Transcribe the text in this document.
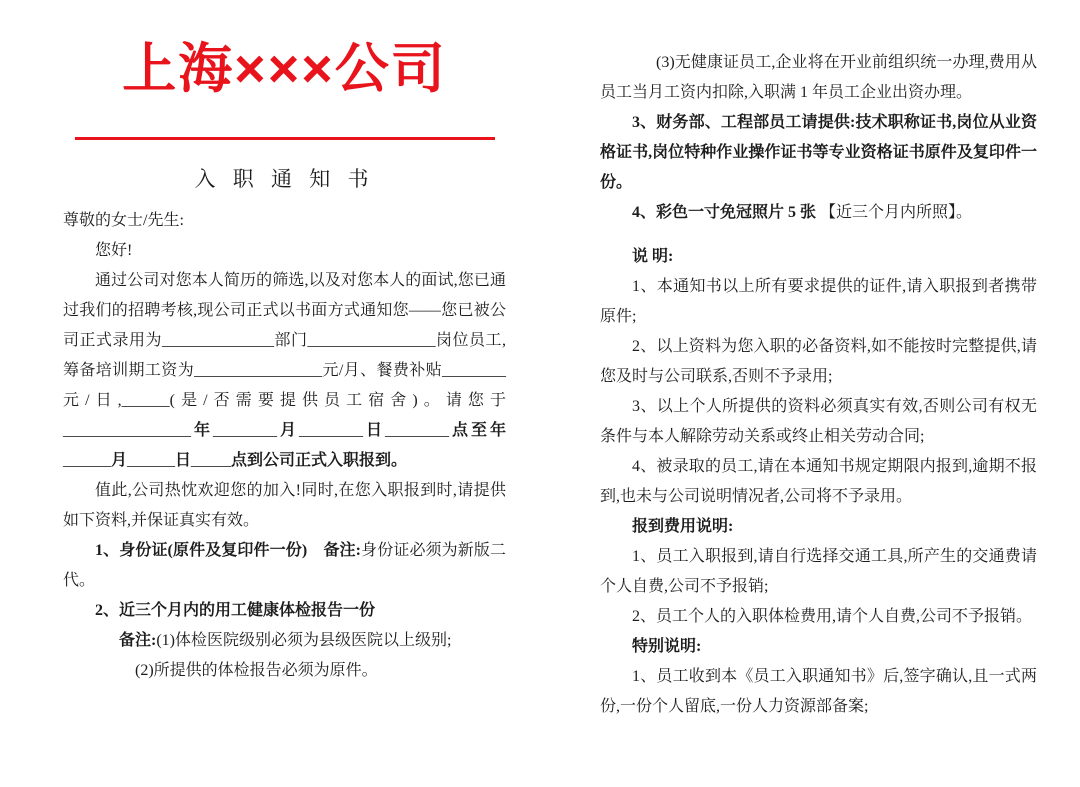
上海×××公司
入 职 通 知 书
尊敬的女士/先生:
您好!
通过公司对您本人简历的筛选,以及对您本人的面试,您已通过我们的招聘考核,现公司正式以书面方式通知您——您已被公司正式录用为______________部门________________岗位员工,筹备培训期工资为________________元/月、餐费补贴________元/日,______(是/否需要提供员工宿舍)。请您于________________年________月________日________点至年______月______日_____点到公司正式入职报到。
值此,公司热忱欢迎您的加入!同时,在您入职报到时,请提供如下资料,并保证真实有效。
1、身份证(原件及复印件一份)　 备注:身份证必须为新版二代。
2、近三个月内的用工健康体检报告一份
备注:(1)体检医院级别必须为县级医院以上级别;
(2)所提供的体检报告必须为原件。
(3)无健康证员工,企业将在开业前组织统一办理,费用从员工当月工资内扣除,入职满 1 年员工企业出资办理。
3、财务部、工程部员工请提供:技术职称证书,岗位从业资格证书,岗位特种作业操作证书等专业资格证书原件及复印件一份。
4、彩色一寸免冠照片 5 张 【近三个月内所照】。
说 明:
1、本通知书以上所有要求提供的证件,请入职报到者携带原件;
2、以上资料为您入职的必备资料,如不能按时完整提供,请您及时与公司联系,否则不予录用;
3、以上个人所提供的资料必须真实有效,否则公司有权无条件与本人解除劳动关系或终止相关劳动合同;
4、被录取的员工,请在本通知书规定期限内报到,逾期不报到,也未与公司说明情况者,公司将不予录用。
报到费用说明:
1、员工入职报到,请自行选择交通工具,所产生的交通费请个人自费,公司不予报销;
2、员工个人的入职体检费用,请个人自费,公司不予报销。
特别说明:
1、员工收到本《员工入职通知书》后,签字确认,且一式两份,一份个人留底,一份人力资源部备案;
